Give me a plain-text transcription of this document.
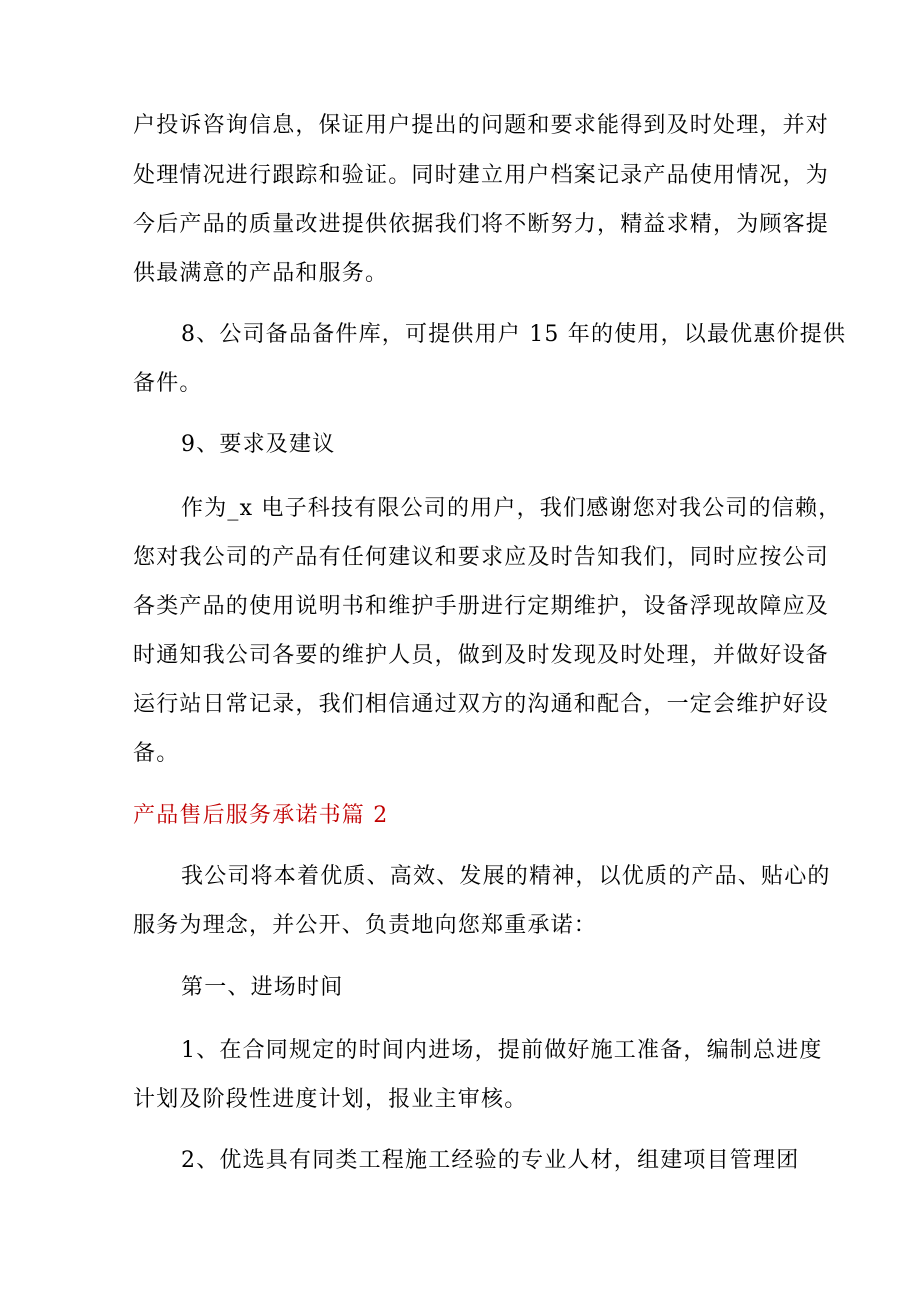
户投诉咨询信息，保证用户提出的问题和要求能得到及时处理，并对
处理情况进行跟踪和验证。同时建立用户档案记录产品使用情况，为
今后产品的质量改进提供依据我们将不断努力，精益求精，为顾客提
供最满意的产品和服务。
8、公司备品备件库，可提供用户 15 年的使用，以最优惠价提供
备件。
9、要求及建议
作为_x 电子科技有限公司的用户，我们感谢您对我公司的信赖，
您对我公司的产品有任何建议和要求应及时告知我们，同时应按公司
各类产品的使用说明书和维护手册进行定期维护，设备浮现故障应及
时通知我公司各要的维护人员，做到及时发现及时处理，并做好设备
运行站日常记录，我们相信通过双方的沟通和配合，一定会维护好设
备。
产品售后服务承诺书篇 2
我公司将本着优质、高效、发展的精神，以优质的产品、贴心的
服务为理念，并公开、负责地向您郑重承诺：
第一、进场时间
1、在合同规定的时间内进场，提前做好施工准备，编制总进度
计划及阶段性进度计划，报业主审核。
2、优选具有同类工程施工经验的专业人材，组建项目管理团
